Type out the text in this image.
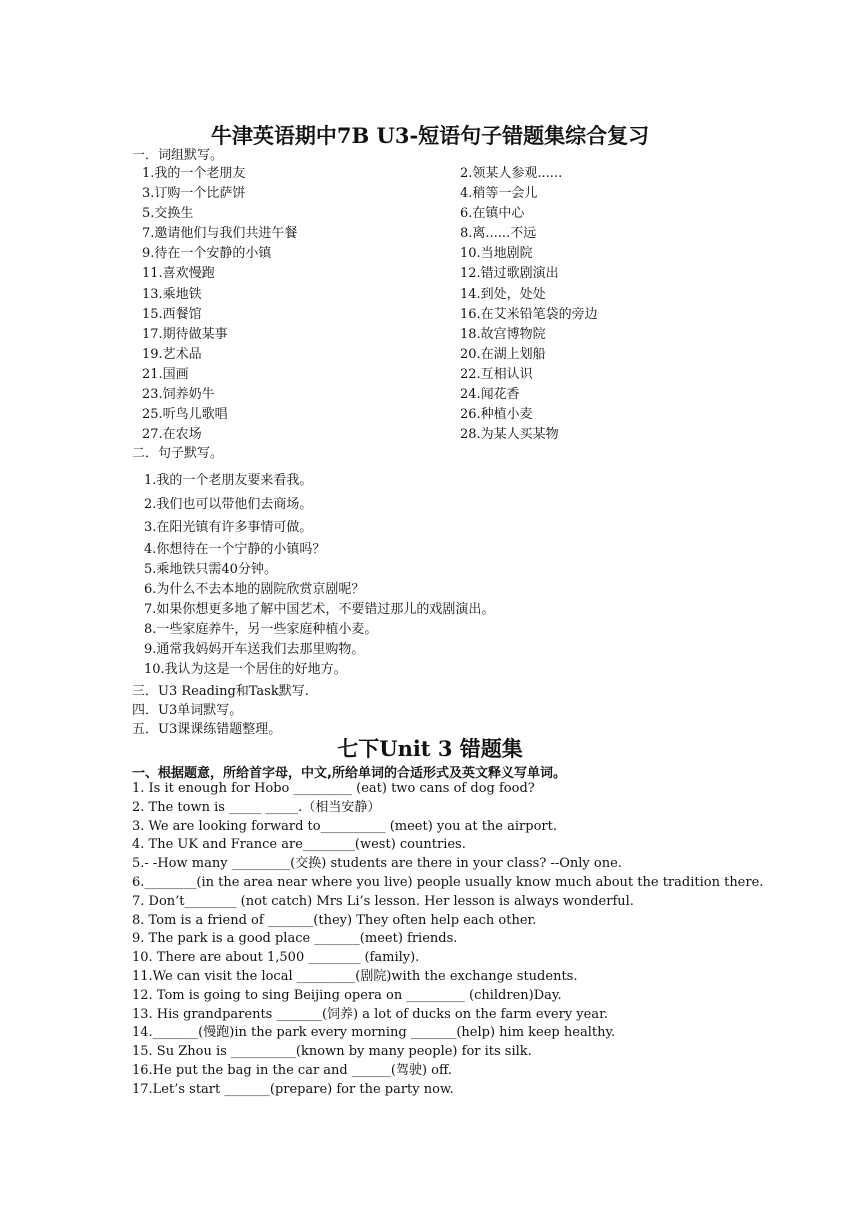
牛津英语期中7B U3-短语句子错题集综合复习
一．词组默写。
1.我的一个老朋友	2.领某人参观......
3.订购一个比萨饼	4.稍等一会儿
5.交换生	6.在镇中心
7.邀请他们与我们共进午餐	8.离......不远
9.待在一个安静的小镇	10.当地剧院
11.喜欢慢跑	12.错过歌剧演出
13.乘地铁	14.到处，处处
15.西餐馆	16.在艾米铅笔袋的旁边
17.期待做某事	18.故宫博物院
19.艺术品	20.在湖上划船
21.国画	22.互相认识
23.饲养奶牛	24.闻花香
25.听鸟儿歌唱	26.种植小麦
27.在农场	28.为某人买某物
二．句子默写。
1.我的一个老朋友要来看我。
2.我们也可以带他们去商场。
3.在阳光镇有许多事情可做。
4.你想待在一个宁静的小镇吗？
5.乘地铁只需40分钟。
6.为什么不去本地的剧院欣赏京剧呢？
7.如果你想更多地了解中国艺术，不要错过那儿的戏剧演出。
8.一些家庭养牛，另一些家庭种植小麦。
9.通常我妈妈开车送我们去那里购物。
10.我认为这是一个居住的好地方。
三．U3 Reading和Task默写.
四．U3单词默写。
五．U3课课练错题整理。
七下Unit 3 错题集
一、根据题意，所给首字母，中文,所给单词的合适形式及英文释义写单词。
1. Is it enough for Hobo _________ (eat) two cans of dog food?
2. The town is _____ _____.（相当安静）
3. We are looking forward to__________ (meet) you at the airport.
4. The UK and France are________(west) countries.
5.- -How many _________(交换) students are there in your class? --Only one.
6.________(in the area near where you live) people usually know much about the tradition there.
7. Don’t________ (not catch) Mrs Li’s lesson. Her lesson is always wonderful.
8. Tom is a friend of _______(they) They often help each other.
9. The park is a good place _______(meet) friends.
10. There are about 1,500 ________ (family).
11.We can visit the local _________(剧院)with the exchange students.
12. Tom is going to sing Beijing opera on _________ (children)Day.
13. His grandparents _______(饲养) a lot of ducks on the farm every year.
14._______(慢跑)in the park every morning _______(help) him keep healthy.
15. Su Zhou is __________(known by many people) for its silk.
16.He put the bag in the car and ______(驾驶) off.
17.Let’s start _______(prepare) for the party now.
